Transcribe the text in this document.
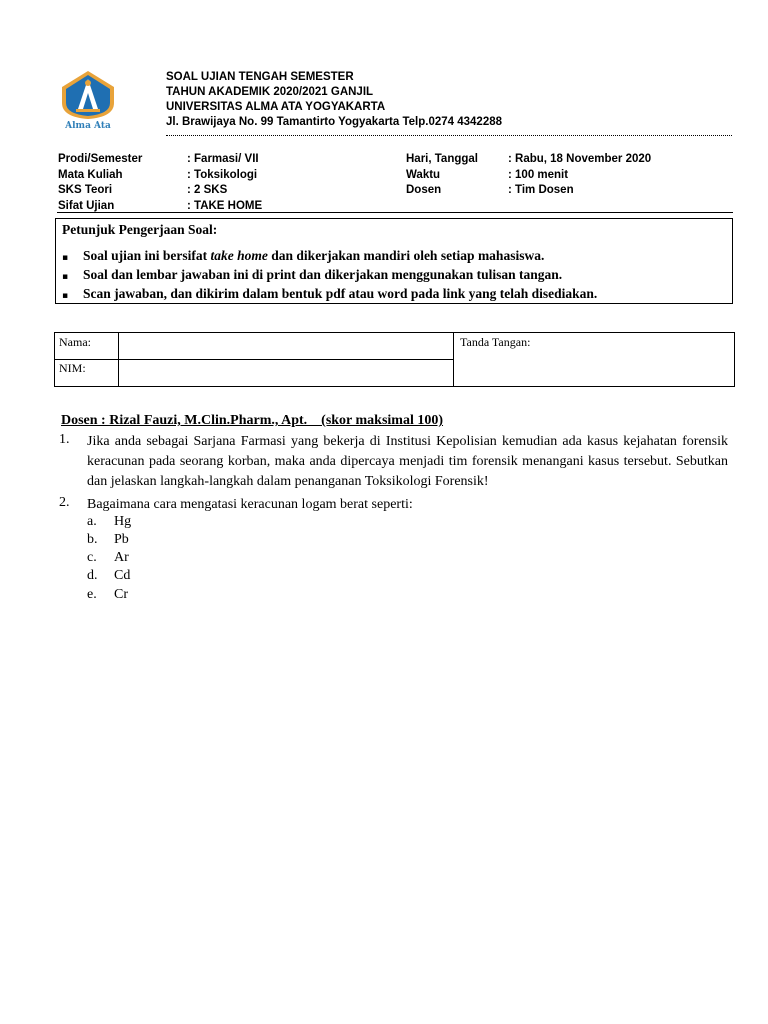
Alma Ata
SOAL UJIAN TENGAH SEMESTER
TAHUN AKADEMIK 2020/2021 GANJIL
UNIVERSITAS ALMA ATA YOGYAKARTA
Jl. Brawijaya No. 99 Tamantirto Yogyakarta Telp.0274 4342288
Prodi/Semester
Mata Kuliah
SKS Teori
Sifat Ujian
: Farmasi/ VII
: Toksikologi
: 2 SKS
: TAKE HOME
Hari, Tanggal
Waktu
Dosen
: Rabu, 18 November 2020
: 100 menit
: Tim Dosen
Petunjuk Pengerjaan Soal:
▪ Soal ujian ini bersifat take home dan dikerjakan mandiri oleh setiap mahasiswa.
▪ Soal dan lembar jawaban ini di print dan dikerjakan menggunakan tulisan tangan.
▪ Scan jawaban, dan dikirim dalam bentuk pdf atau word pada link yang telah disediakan.
Nama:
NIM:
Tanda Tangan:
Dosen : Rizal Fauzi, M.Clin.Pharm., Apt.    (skor maksimal 100)
1. Jika anda sebagai Sarjana Farmasi yang bekerja di Institusi Kepolisian kemudian ada kasus kejahatan forensik keracunan pada seorang korban, maka anda dipercaya menjadi tim forensik menangani kasus tersebut. Sebutkan dan jelaskan langkah-langkah dalam penanganan Toksikologi Forensik!
2. Bagaimana cara mengatasi keracunan logam berat seperti:
a. Hg
b. Pb
c. Ar
d. Cd
e. Cr
